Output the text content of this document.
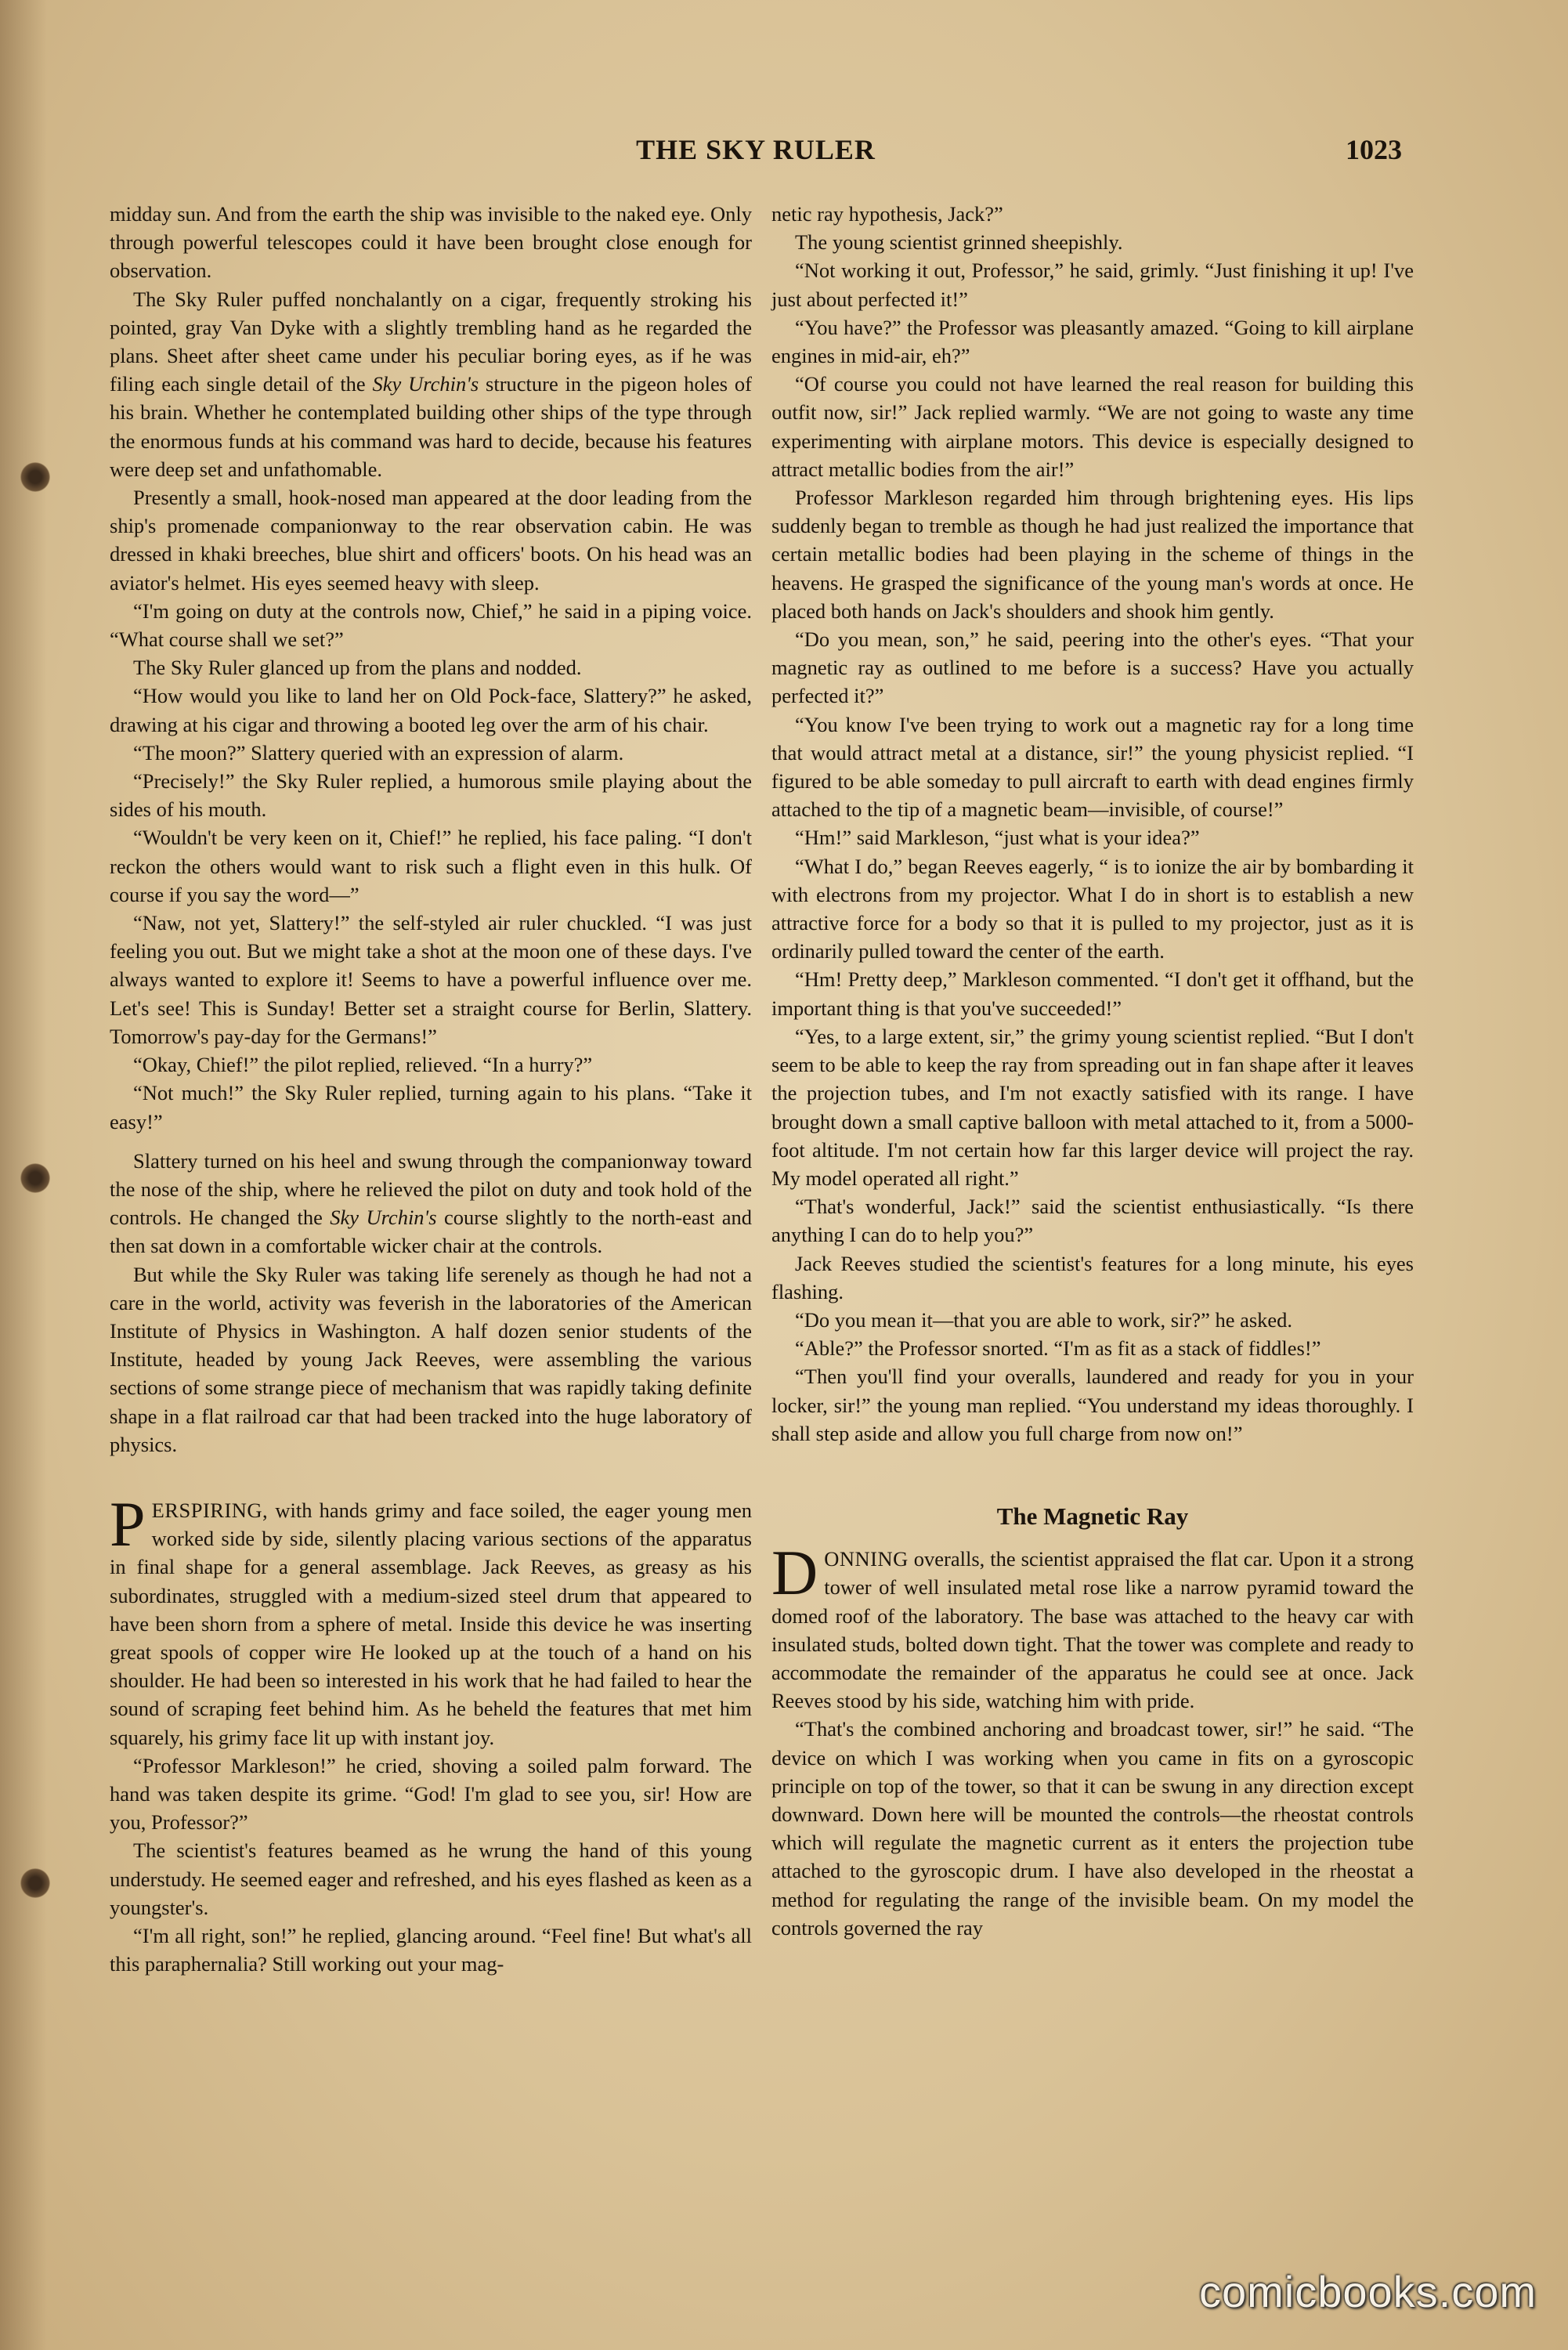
THE SKY RULER	1023

midday sun. And from the earth the ship was invisible to the naked eye. Only through powerful telescopes could it have been brought close enough for observation.

The Sky Ruler puffed nonchalantly on a cigar, frequently stroking his pointed, gray Van Dyke with a slightly trembling hand as he regarded the plans. Sheet after sheet came under his peculiar boring eyes, as if he was filing each single detail of the Sky Urchin's structure in the pigeon holes of his brain. Whether he contemplated building other ships of the type through the enormous funds at his command was hard to decide, because his features were deep set and unfathomable.

Presently a small, hook-nosed man appeared at the door leading from the ship's promenade companionway to the rear observation cabin. He was dressed in khaki breeches, blue shirt and officers' boots. On his head was an aviator's helmet. His eyes seemed heavy with sleep.

“I'm going on duty at the controls now, Chief,” he said in a piping voice. “What course shall we set?”

The Sky Ruler glanced up from the plans and nodded.

“How would you like to land her on Old Pock-face, Slattery?” he asked, drawing at his cigar and throwing a booted leg over the arm of his chair.

“The moon?” Slattery queried with an expression of alarm.

“Precisely!” the Sky Ruler replied, a humorous smile playing about the sides of his mouth.

“Wouldn't be very keen on it, Chief!” he replied, his face paling. “I don't reckon the others would want to risk such a flight even in this hulk. Of course if you say the word—”

“Naw, not yet, Slattery!” the self-styled air ruler chuckled. “I was just feeling you out. But we might take a shot at the moon one of these days. I've always wanted to explore it! Seems to have a powerful influence over me. Let's see! This is Sunday! Better set a straight course for Berlin, Slattery. Tomorrow's pay-day for the Germans!”

“Okay, Chief!” the pilot replied, relieved. “In a hurry?”

“Not much!” the Sky Ruler replied, turning again to his plans. “Take it easy!”

Slattery turned on his heel and swung through the companionway toward the nose of the ship, where he relieved the pilot on duty and took hold of the controls. He changed the Sky Urchin's course slightly to the north-east and then sat down in a comfortable wicker chair at the controls.

But while the Sky Ruler was taking life serenely as though he had not a care in the world, activity was feverish in the laboratories of the American Institute of Physics in Washington. A half dozen senior students of the Institute, headed by young Jack Reeves, were assembling the various sections of some strange piece of mechanism that was rapidly taking definite shape in a flat railroad car that had been tracked into the huge laboratory of physics.

PERSPIRING, with hands grimy and face soiled, the eager young men worked side by side, silently placing various sections of the apparatus in final shape for a general assemblage. Jack Reeves, as greasy as his subordinates, struggled with a medium-sized steel drum that appeared to have been shorn from a sphere of metal. Inside this device he was inserting great spools of copper wire He looked up at the touch of a hand on his shoulder. He had been so interested in his work that he had failed to hear the sound of scraping feet behind him. As he beheld the features that met him squarely, his grimy face lit up with instant joy.

“Professor Markleson!” he cried, shoving a soiled palm forward. The hand was taken despite its grime. “God! I'm glad to see you, sir! How are you, Professor?”

The scientist's features beamed as he wrung the hand of this young understudy. He seemed eager and refreshed, and his eyes flashed as keen as a youngster's.

“I'm all right, son!” he replied, glancing around. “Feel fine! But what's all this paraphernalia? Still working out your mag-

netic ray hypothesis, Jack?”

The young scientist grinned sheepishly.

“Not working it out, Professor,” he said, grimly. “Just finishing it up! I've just about perfected it!”

“You have?” the Professor was pleasantly amazed. “Going to kill airplane engines in mid-air, eh?”

“Of course you could not have learned the real reason for building this outfit now, sir!” Jack replied warmly. “We are not going to waste any time experimenting with airplane motors. This device is especially designed to attract metallic bodies from the air!”

Professor Markleson regarded him through brightening eyes. His lips suddenly began to tremble as though he had just realized the importance that certain metallic bodies had been playing in the scheme of things in the heavens. He grasped the significance of the young man's words at once. He placed both hands on Jack's shoulders and shook him gently.

“Do you mean, son,” he said, peering into the other's eyes. “That your magnetic ray as outlined to me before is a success? Have you actually perfected it?”

“You know I've been trying to work out a magnetic ray for a long time that would attract metal at a distance, sir!” the young physicist replied. “I figured to be able someday to pull aircraft to earth with dead engines firmly attached to the tip of a magnetic beam—invisible, of course!”

“Hm!” said Markleson, “just what is your idea?”

“What I do,” began Reeves eagerly, “ is to ionize the air by bombarding it with electrons from my projector. What I do in short is to establish a new attractive force for a body so that it is pulled to my projector, just as it is ordinarily pulled toward the center of the earth.

“Hm! Pretty deep,” Markleson commented. “I don't get it offhand, but the important thing is that you've succeeded!”

“Yes, to a large extent, sir,” the grimy young scientist replied. “But I don't seem to be able to keep the ray from spreading out in fan shape after it leaves the projection tubes, and I'm not exactly satisfied with its range. I have brought down a small captive balloon with metal attached to it, from a 5000-foot altitude. I'm not certain how far this larger device will project the ray. My model operated all right.”

“That's wonderful, Jack!” said the scientist enthusiastically. “Is there anything I can do to help you?”

Jack Reeves studied the scientist's features for a long minute, his eyes flashing.

“Do you mean it—that you are able to work, sir?” he asked.

“Able?” the Professor snorted. “I'm as fit as a stack of fiddles!”

“Then you'll find your overalls, laundered and ready for you in your locker, sir!” the young man replied. “You understand my ideas thoroughly. I shall step aside and allow you full charge from now on!”

The Magnetic Ray

DONNING overalls, the scientist appraised the flat car. Upon it a strong tower of well insulated metal rose like a narrow pyramid toward the domed roof of the laboratory. The base was attached to the heavy car with insulated studs, bolted down tight. That the tower was complete and ready to accommodate the remainder of the apparatus he could see at once. Jack Reeves stood by his side, watching him with pride.

“That's the combined anchoring and broadcast tower, sir!” he said. “The device on which I was working when you came in fits on a gyroscopic principle on top of the tower, so that it can be swung in any direction except downward. Down here will be mounted the controls—the rheostat controls which will regulate the magnetic current as it enters the projection tube attached to the gyroscopic drum. I have also developed in the rheostat a method for regulating the range of the invisible beam. On my model the controls governed the ray

comicbooks.com
